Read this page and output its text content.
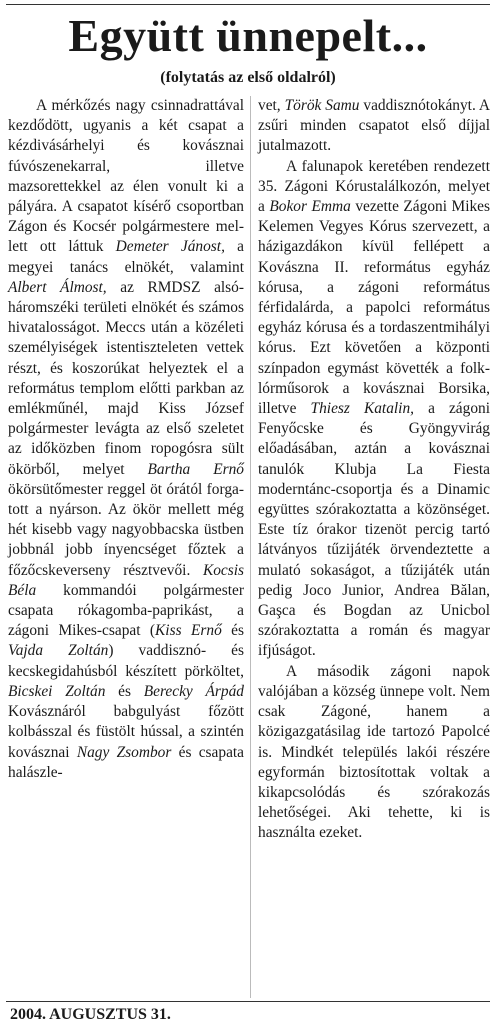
Együtt ünnepelt...
(folytatás az első oldalról)

A mérkőzés nagy csinnadrattával kezdődött, ugyanis a két csapat a kézdivásárhelyi és kovásznai fúvószenekarral, illetve mazsorettekkel az élen vonult ki a pályára. A csapatot kísérő csoportban Zágon és Kocsér polgármestere mellett ott láttuk Demeter Jánost, a megyei tanács elnökét, valamint Albert Álmost, az RMDSZ alsó-háromszéki területi elnökét és számos hivatalosságot. Meccs után a közéleti személyiségek istentiszteleten vettek részt, és koszorúkat helyeztek el a református templom előtti parkban az emlékműnél, majd Kiss József polgármester levágta az első szeletet az időközben finom ropogósra sült ökörből, melyet Bartha Ernő ökörsütőmester reggel öt órától forgatott a nyárson. Az ökör mellett még hét kisebb vagy nagyobbacska üstben jobbnál jobb ínyencséget főztek a főzőcskeverseny résztvevői. Kocsis Béla kommandói polgármester csapata rókagomba-paprikást, a zágoni Mikes-csapat (Kiss Ernő és Vajda Zoltán) vaddisznó- és kecskegidahúsból készített pörköltet, Bicskei Zoltán és Berecky Árpád Kovásznáról babgulyást főzött kolbásszal és füstölt hússal, a szintén kovásznai Nagy Zsombor és csapata halászle-

vet, Török Samu vaddisznótokányt. A zsűri minden csapatot első díjjal jutalmazott.

A falunapok keretében rendezett 35. Zágoni Kórustalálkozón, melyet a Bokor Emma vezette Zágoni Mikes Kelemen Vegyes Kórus szervezett, a házigazdákon kívül fellépett a Kovászna II. református egyház kórusa, a zágoni református férfidalárda, a papolci református egyház kórusa és a tordaszentmihályi kórus. Ezt követően a központi színpadon egymást követték a folklórműsorok a kovásznai Borsika, illetve Thiesz Katalin, a zágoni Fenyőcske és Gyöngyvirág előadásában, aztán a kovásznai tanulók Klubja La Fiesta moderntánc-csoportja és a Dinamic együttes szórakoztatta a közönséget. Este tíz órakor tizenöt percig tartó látványos tűzijáték örvendeztette a mulató sokaságot, a tűzijáték után pedig Joco Junior, Andrea Bălan, Gaşca és Bogdan az Unicbol szórakoztatta a román és magyar ifjúságot.

A második zágoni napok valójában a község ünnepe volt. Nem csak Zágoné, hanem a közigazgatásilag ide tartozó Papolcé is. Mindkét település lakói részére egyformán biztosítottak voltak a kikapcsolódás és szórakozás lehetőségei. Aki tehette, ki is használta ezeket.

2004. AUGUSZTUS 31.
